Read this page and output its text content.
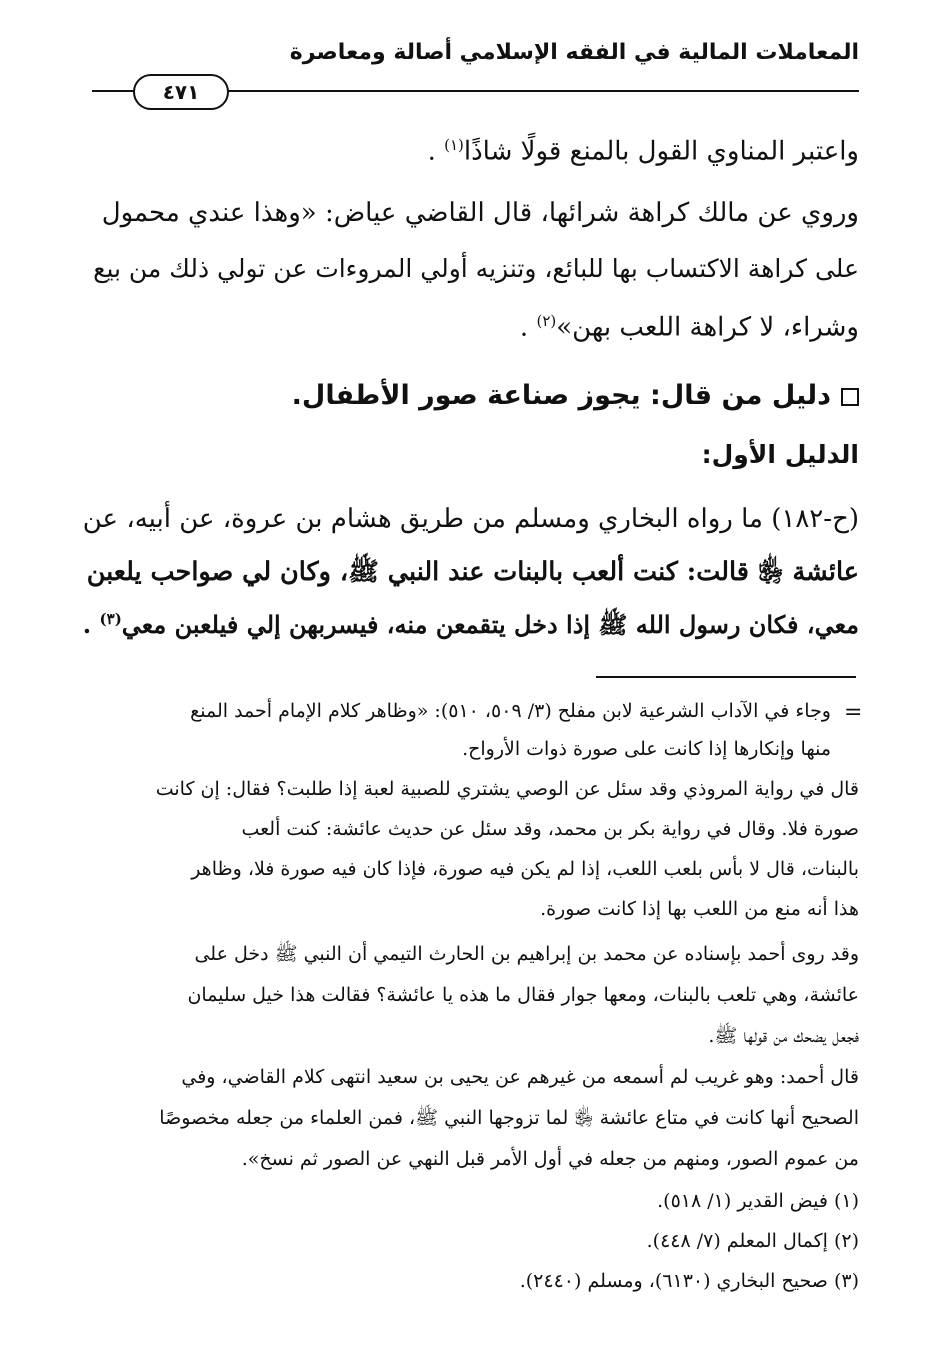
المعاملات المالية في الفقه الإسلامي أصالة ومعاصرة
٤٧١
واعتبر المناوي القول بالمنع قولًا شاذًا$^{(١)}$ .
وروي عن مالك كراهة شرائها، قال القاضي عياض: «وهذا عندي محمول
على كراهة الاكتساب بها للبائع، وتنزيه أولي المروءات عن تولي ذلك من بيع
وشراء، لا كراهة اللعب بهن»$^{(٢)}$ .
دليل من قال: يجوز صناعة صور الأطفال.
الدليل الأول:
(ح-١٨٢) ما رواه البخاري ومسلم من طريق هشام بن عروة، عن أبيه، عن
عائشة ﵂ قالت: كنت ألعب بالبنات عند النبي ﷺ، وكان لي صواحب يلعبن
معي، فكان رسول الله ﷺ إذا دخل يتقمعن منه، فيسربهن إلي فيلعبن معي$^{(٣)}$ .
=
وجاء في الآداب الشرعية لابن مفلح (٣/ ٥٠٩، ٥١٠): «وظاهر كلام الإمام أحمد المنع
منها وإنكارها إذا كانت على صورة ذوات الأرواح.
قال في رواية المروذي وقد سئل عن الوصي يشتري للصبية لعبة إذا طلبت؟ فقال: إن كانت
صورة فلا. وقال في رواية بكر بن محمد، وقد سئل عن حديث عائشة: كنت ألعب
بالبنات، قال لا بأس بلعب اللعب، إذا لم يكن فيه صورة، فإذا كان فيه صورة فلا، وظاهر
هذا أنه منع من اللعب بها إذا كانت صورة.
وقد روى أحمد بإسناده عن محمد بن إبراهيم بن الحارث التيمي أن النبي ﷺ دخل على
عائشة، وهي تلعب بالبنات، ومعها جوار فقال ما هذه يا عائشة؟ فقالت هذا خيل سليمان
فجعل يضحك من قولها ﷺ.
قال أحمد: وهو غريب لم أسمعه من غيرهم عن يحيى بن سعيد انتهى كلام القاضي، وفي
الصحيح أنها كانت في متاع عائشة ﵂ لما تزوجها النبي ﷺ، فمن العلماء من جعله مخصوصًا
من عموم الصور، ومنهم من جعله في أول الأمر قبل النهي عن الصور ثم نسخ».
(١) فيض القدير (١/ ٥١٨).
(٢) إكمال المعلم (٧/ ٤٤٨).
(٣) صحيح البخاري (٦١٣٠)، ومسلم (٢٤٤٠).
